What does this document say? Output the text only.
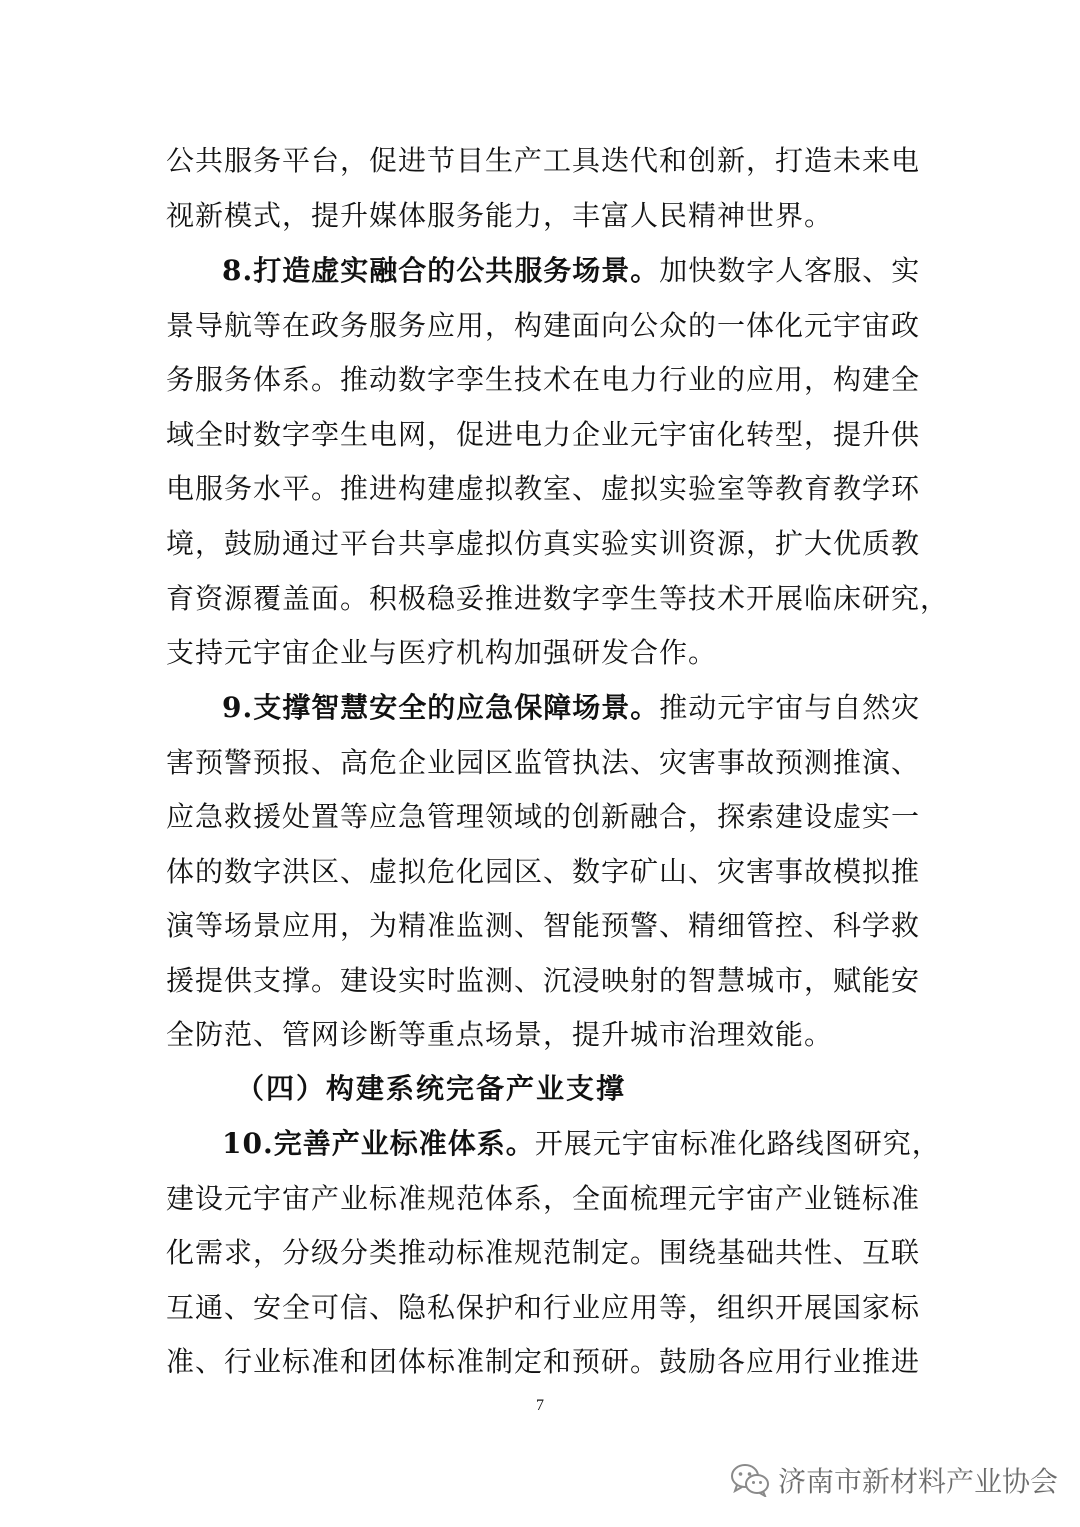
公共服务平台，促进节目生产工具迭代和创新，打造未来电
视新模式，提升媒体服务能力，丰富人民精神世界。
8.打造虚实融合的公共服务场景。加快数字人客服、实
景导航等在政务服务应用，构建面向公众的一体化元宇宙政
务服务体系。推动数字孪生技术在电力行业的应用，构建全
域全时数字孪生电网，促进电力企业元宇宙化转型，提升供
电服务水平。推进构建虚拟教室、虚拟实验室等教育教学环
境，鼓励通过平台共享虚拟仿真实验实训资源，扩大优质教
育资源覆盖面。积极稳妥推进数字孪生等技术开展临床研究，
支持元宇宙企业与医疗机构加强研发合作。
9.支撑智慧安全的应急保障场景。推动元宇宙与自然灾
害预警预报、高危企业园区监管执法、灾害事故预测推演、
应急救援处置等应急管理领域的创新融合，探索建设虚实一
体的数字洪区、虚拟危化园区、数字矿山、灾害事故模拟推
演等场景应用，为精准监测、智能预警、精细管控、科学救
援提供支撑。建设实时监测、沉浸映射的智慧城市，赋能安
全防范、管网诊断等重点场景，提升城市治理效能。
（四）构建系统完备产业支撑
10.完善产业标准体系。开展元宇宙标准化路线图研究，
建设元宇宙产业标准规范体系，全面梳理元宇宙产业链标准
化需求，分级分类推动标准规范制定。围绕基础共性、互联
互通、安全可信、隐私保护和行业应用等，组织开展国家标
准、行业标准和团体标准制定和预研。鼓励各应用行业推进
7
济南市新材料产业协会
